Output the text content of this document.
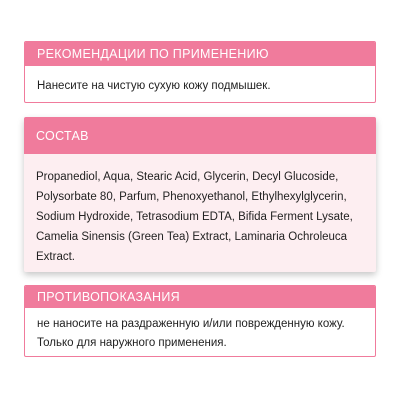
РЕКОМЕНДАЦИИ ПО ПРИМЕНЕНИЮ
Нанесите на чистую сухую кожу подмышек.
СОСТАВ
Propanediol, Aqua, Stearic Acid, Glycerin, Decyl Glucoside, Polysorbate 80, Parfum, Phenoxyethanol, Ethylhexylglycerin, Sodium Hydroxide, Tetrasodium EDTA, Bifida Ferment Lysate, Camelia Sinensis (Green Tea) Extract, Laminaria Ochroleuca Extract.
ПРОТИВОПОКАЗАНИЯ
не наносите на раздраженную и/или поврежденную кожу. Только для наружного применения.
